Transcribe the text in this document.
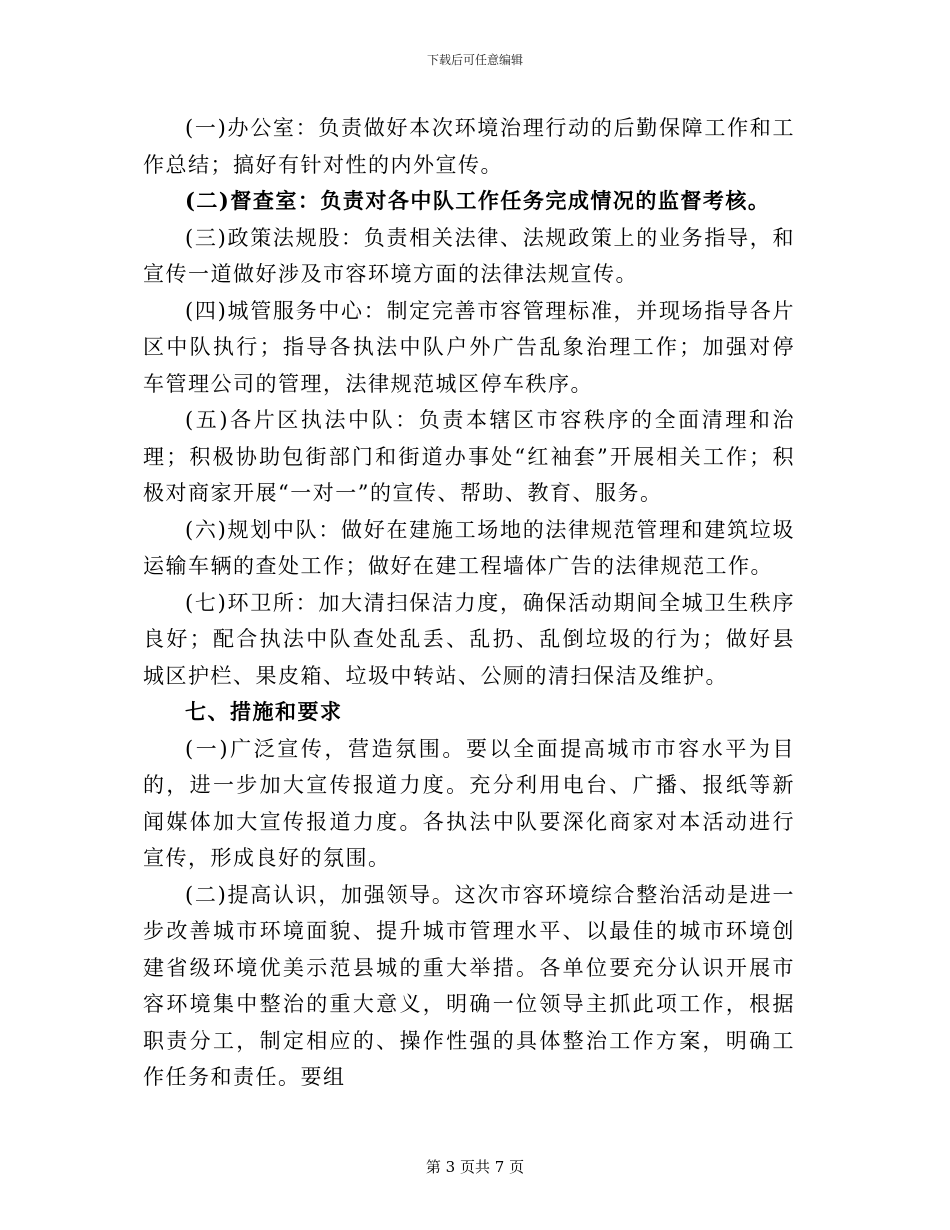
下载后可任意编辑

(一)办公室：负责做好本次环境治理行动的后勤保障工作和工作总结；搞好有针对性的内外宣传。

(二)督查室：负责对各中队工作任务完成情况的监督考核。

(三)政策法规股：负责相关法律、法规政策上的业务指导，和宣传一道做好涉及市容环境方面的法律法规宣传。

(四)城管服务中心：制定完善市容管理标准，并现场指导各片区中队执行；指导各执法中队户外广告乱象治理工作；加强对停车管理公司的管理，法律规范城区停车秩序。

(五)各片区执法中队：负责本辖区市容秩序的全面清理和治理；积极协助包街部门和街道办事处“红袖套”开展相关工作；积极对商家开展“一对一”的宣传、帮助、教育、服务。

(六)规划中队：做好在建施工场地的法律规范管理和建筑垃圾运输车辆的查处工作；做好在建工程墙体广告的法律规范工作。

(七)环卫所：加大清扫保洁力度，确保活动期间全城卫生秩序良好；配合执法中队查处乱丢、乱扔、乱倒垃圾的行为；做好县城区护栏、果皮箱、垃圾中转站、公厕的清扫保洁及维护。

七、措施和要求

(一)广泛宣传，营造氛围。要以全面提高城市市容水平为目的，进一步加大宣传报道力度。充分利用电台、广播、报纸等新闻媒体加大宣传报道力度。各执法中队要深化商家对本活动进行宣传，形成良好的氛围。

(二)提高认识，加强领导。这次市容环境综合整治活动是进一步改善城市环境面貌、提升城市管理水平、以最佳的城市环境创建省级环境优美示范县城的重大举措。各单位要充分认识开展市容环境集中整治的重大意义，明确一位领导主抓此项工作，根据职责分工，制定相应的、操作性强的具体整治工作方案，明确工作任务和责任。要组

第 3 页共 7 页
